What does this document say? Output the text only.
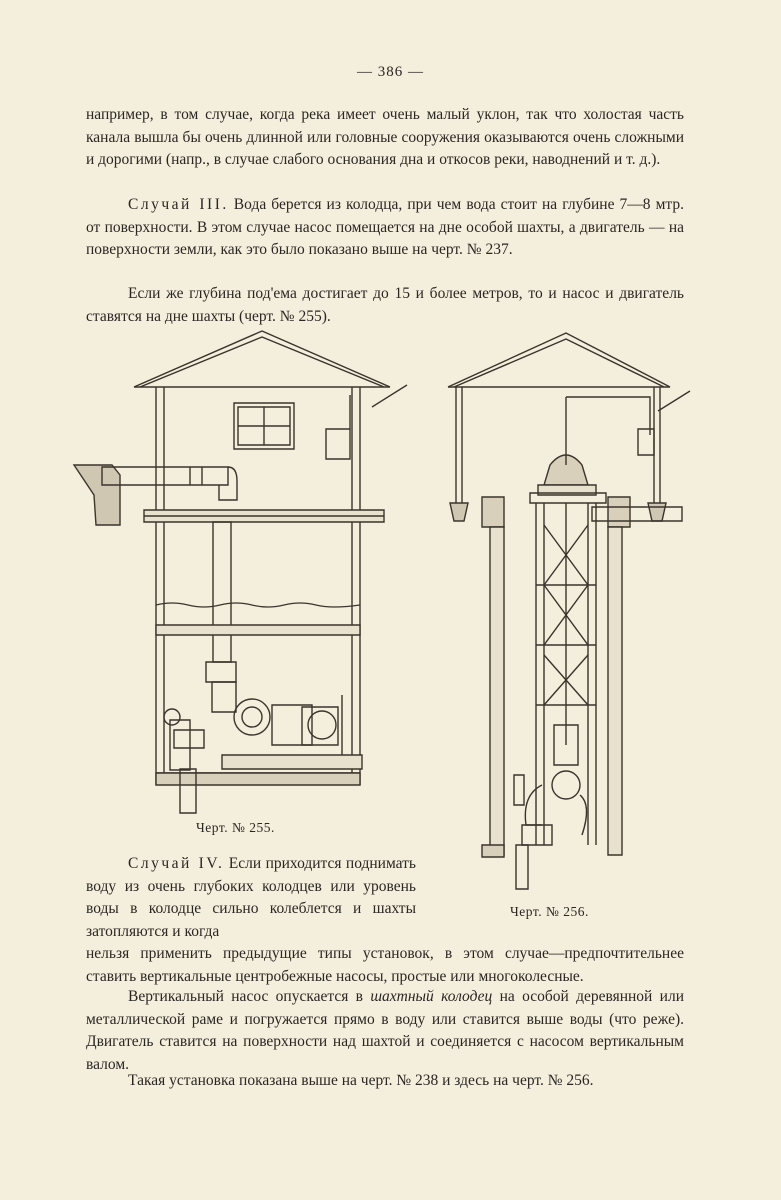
— 386 —

например, в том случае, когда река имеет очень малый уклон, так что холостая часть канала вышла бы очень длинной или головные сооружения оказываются очень сложными и дорогими (напр., в случае слабого основания дна и откосов реки, наводнений и т. д.).

Случай III. Вода берется из колодца, при чем вода стоит на глубине 7—8 мтр. от поверхности. В этом случае насос помещается на дне особой шахты, а двигатель — на поверхности земли, как это было показано выше на черт. № 237.

Если же глубина под'ема достигает до 15 и более метров, то и насос и двигатель ставятся на дне шахты (черт. № 255).

Черт. № 255.
Черт. № 256.

Случай IV. Если приходится поднимать воду из очень глубоких колодцев или уровень воды в колодце сильно колеблется и шахты затопляются и когда

нельзя применить предыдущие типы установок, в этом случае—предпочтительнее ставить вертикальные центробежные насосы, простые или многоколесные.

Вертикальный насос опускается в шахтный колодец на особой деревянной или металлической раме и погружается прямо в воду или ставится выше воды (что реже). Двигатель ставится на поверхности над шахтой и соединяется с насосом вертикальным валом.

Такая установка показана выше на черт. № 238 и здесь на черт. № 256.
